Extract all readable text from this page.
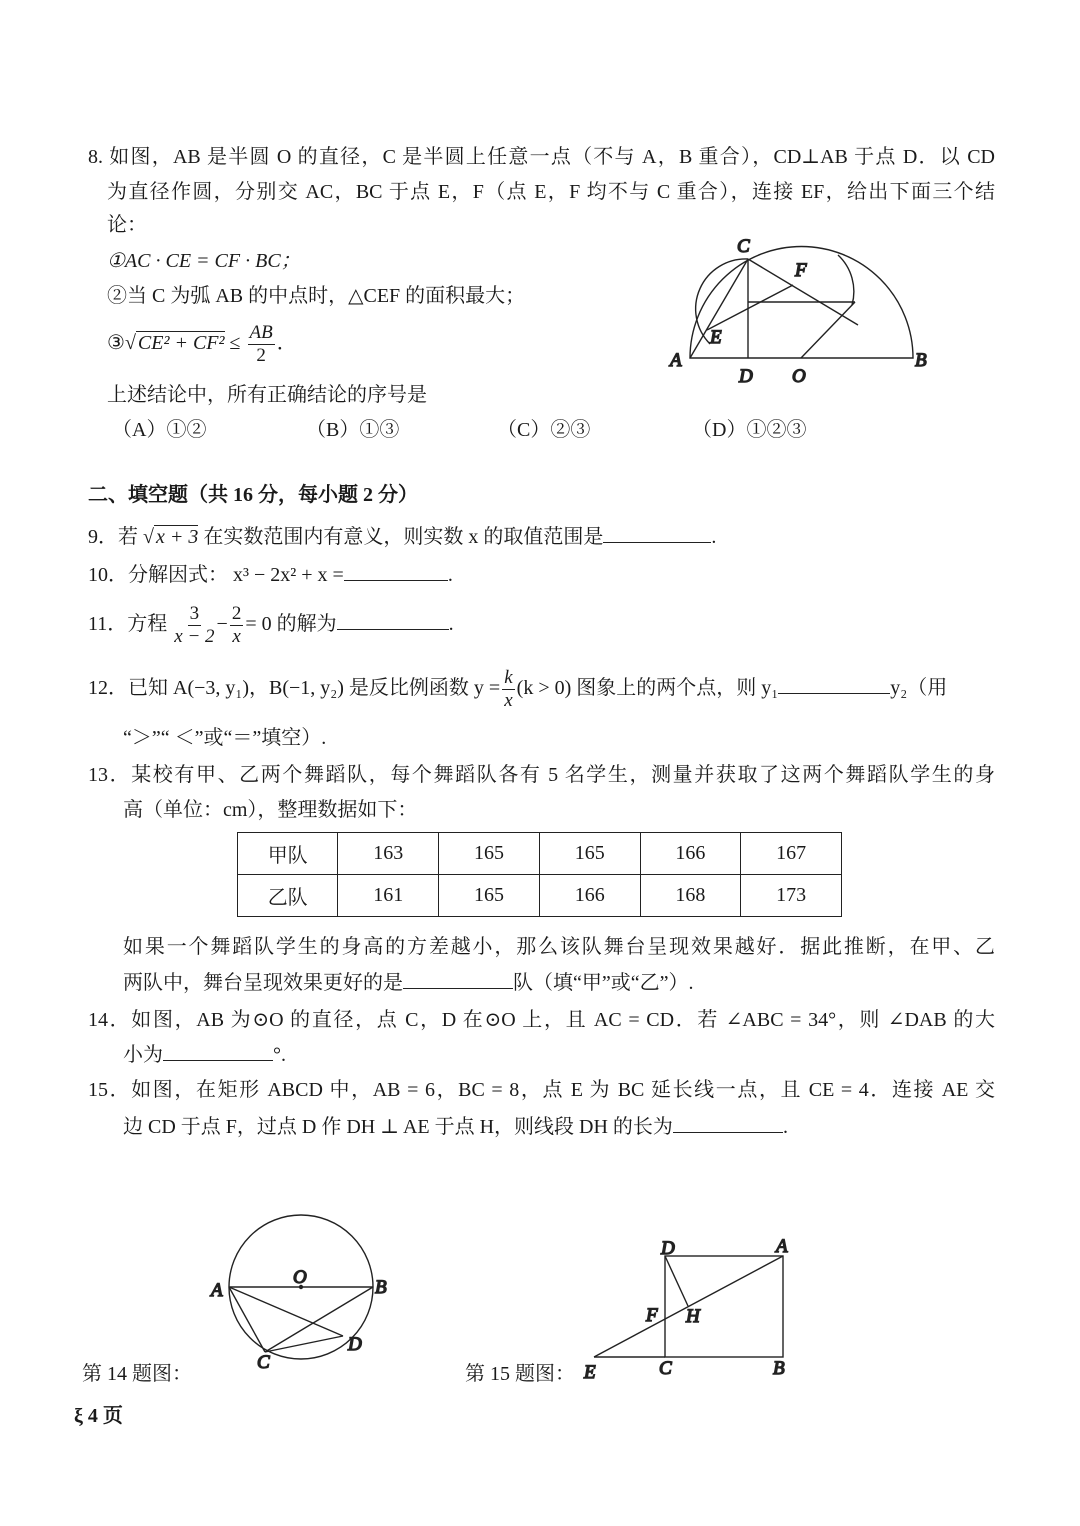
8. 如图，AB 是半圆 O 的直径，C 是半圆上任意一点（不与 A，B 重合），CD⊥AB 于点 D．以 CD
为直径作圆，分别交 AC，BC 于点 E，F（点 E，F 均不与 C 重合），连接 EF，给出下面三个结
论：
①AC · CE = CF · BC；
②当 C 为弧 AB 的中点时，△CEF 的面积最大；
③√ $CE^2 + CF^2 \le \frac{AB}{2}$ ．
上述结论中，所有正确结论的序号是
（A）①②	（B）①③	（C）②③	（D）①②③
二、填空题（共 16 分，每小题 2 分）
9．若 √ x + 3 在实数范围内有意义，则实数 x 的取值范围是	.
10．分解因式： x³ − 2x² + x =	.
11．方程 $\frac{3}{x - 2} - \frac{2}{x} = 0$ 的解为	.
12．已知 A(−3, y₁)，B(−1, y₂) 是反比例函数 $y = \frac{k}{x} (k > 0)$ 图象上的两个点，则 y₁	y₂（用
“＞”“ ＜”或“＝”填空）.
13．某校有甲、乙两个舞蹈队，每个舞蹈队各有 5 名学生，测量并获取了这两个舞蹈队学生的身
高（单位：cm），整理数据如下：
甲队	163	165	165	166	167
乙队	161	165	166	168	173
如果一个舞蹈队学生的身高的方差越小，那么该队舞台呈现效果越好．据此推断，在甲、乙
两队中，舞台呈现效果更好的是	队（填“甲”或“乙”）.
14．如图，AB 为⊙O 的直径，点 C，D 在⊙O 上，且 AC = CD．若 ∠ABC = 34°，则 ∠DAB 的大
小为	°.
15．如图，在矩形 ABCD 中，AB = 6，BC = 8，点 E 为 BC 延长线一点，且 CE = 4．连接 AE 交
边 CD 于点 F，过点 D 作 DH ⊥ AE 于点 H，则线段 DH 的长为	.
A	B
C
D
E
F
O
A	B
C
D
O
D	A
B
C
E
F H
第 14 题图：	第 15 题图：
ξ 4 页
